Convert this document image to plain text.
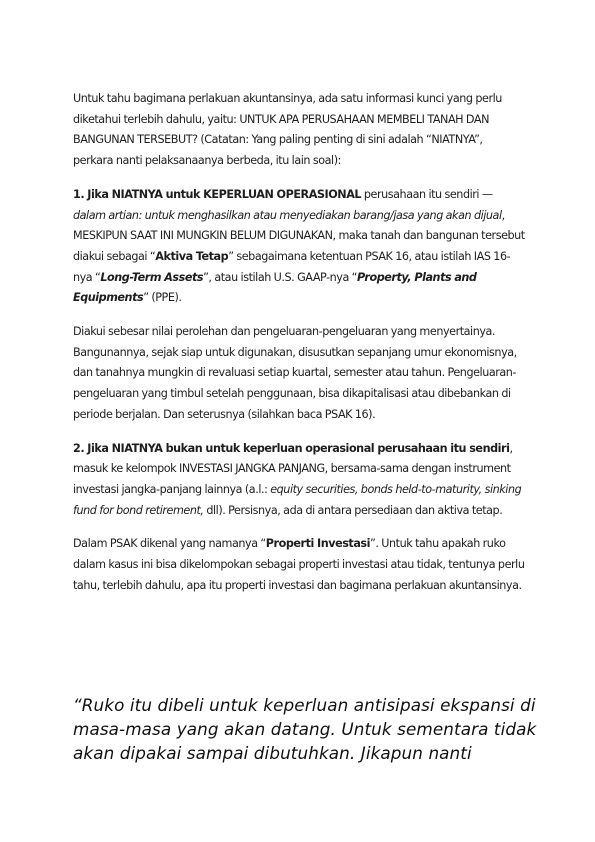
Untuk tahu bagimana perlakuan akuntansinya, ada satu informasi kunci yang perlu diketahui terlebih dahulu, yaitu: UNTUK APA PERUSAHAAN MEMBELI TANAH DAN BANGUNAN TERSEBUT? (Catatan: Yang paling penting di sini adalah “NIATNYA”, perkara nanti pelaksanaanya berbeda, itu lain soal):

1. Jika NIATNYA untuk KEPERLUAN OPERASIONAL perusahaan itu sendiri —dalam artian: untuk menghasilkan atau menyediakan barang/jasa yang akan dijual, MESKIPUN SAAT INI MUNGKIN BELUM DIGUNAKAN, maka tanah dan bangunan tersebut diakui sebagai “Aktiva Tetap” sebagaimana ketentuan PSAK 16, atau istilah IAS 16-nya “Long-Term Assets”, atau istilah U.S. GAAP-nya “Property, Plants and Equipments” (PPE).

Diakui sebesar nilai perolehan dan pengeluaran-pengeluaran yang menyertainya. Bangunannya, sejak siap untuk digunakan, disusutkan sepanjang umur ekonomisnya, dan tanahnya mungkin di revaluasi setiap kuartal, semester atau tahun. Pengeluaran-pengeluaran yang timbul setelah penggunaan, bisa dikapitalisasi atau dibebankan di periode berjalan. Dan seterusnya (silahkan baca PSAK 16).

2. Jika NIATNYA bukan untuk keperluan operasional perusahaan itu sendiri, masuk ke kelompok INVESTASI JANGKA PANJANG, bersama-sama dengan instrument investasi jangka-panjang lainnya (a.l.: equity securities, bonds held-to-maturity, sinking fund for bond retirement, dll). Persisnya, ada di antara persediaan dan aktiva tetap.

Dalam PSAK dikenal yang namanya “Properti Investasi”. Untuk tahu apakah ruko dalam kasus ini bisa dikelompokan sebagai properti investasi atau tidak, tentunya perlu tahu, terlebih dahulu, apa itu properti investasi dan bagimana perlakuan akuntansinya.

“Ruko itu dibeli untuk keperluan antisipasi ekspansi di masa-masa yang akan datang. Untuk sementara tidak akan dipakai sampai dibutuhkan. Jikapun nanti
